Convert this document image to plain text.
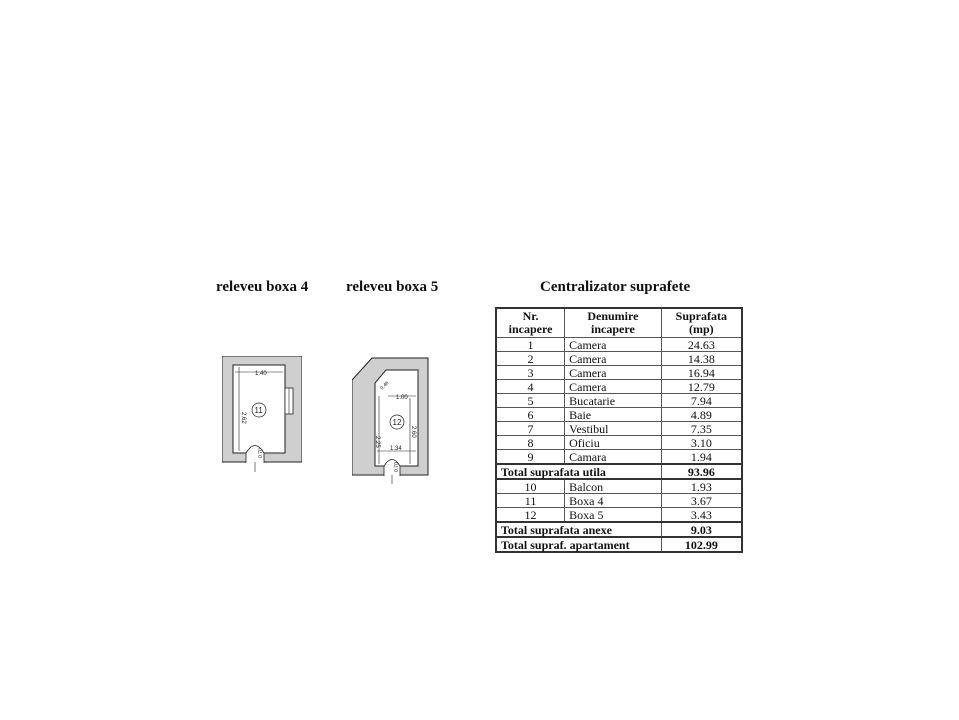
releveu boxa 4	releveu boxa 5	Centralizator suprafete
1.40
2.62
11
0.70
0.46
1.00
2.60
2.25
12
1.34
0.70
Nr. incapere	Denumire incapere	Suprafata (mp)
1	Camera	24.63
2	Camera	14.38
3	Camera	16.94
4	Camera	12.79
5	Bucatarie	7.94
6	Baie	4.89
7	Vestibul	7.35
8	Oficiu	3.10
9	Camara	1.94
Total suprafata utila		93.96
10	Balcon	1.93
11	Boxa 4	3.67
12	Boxa 5	3.43
Total suprafata anexe		9.03
Total supraf. apartament		102.99
